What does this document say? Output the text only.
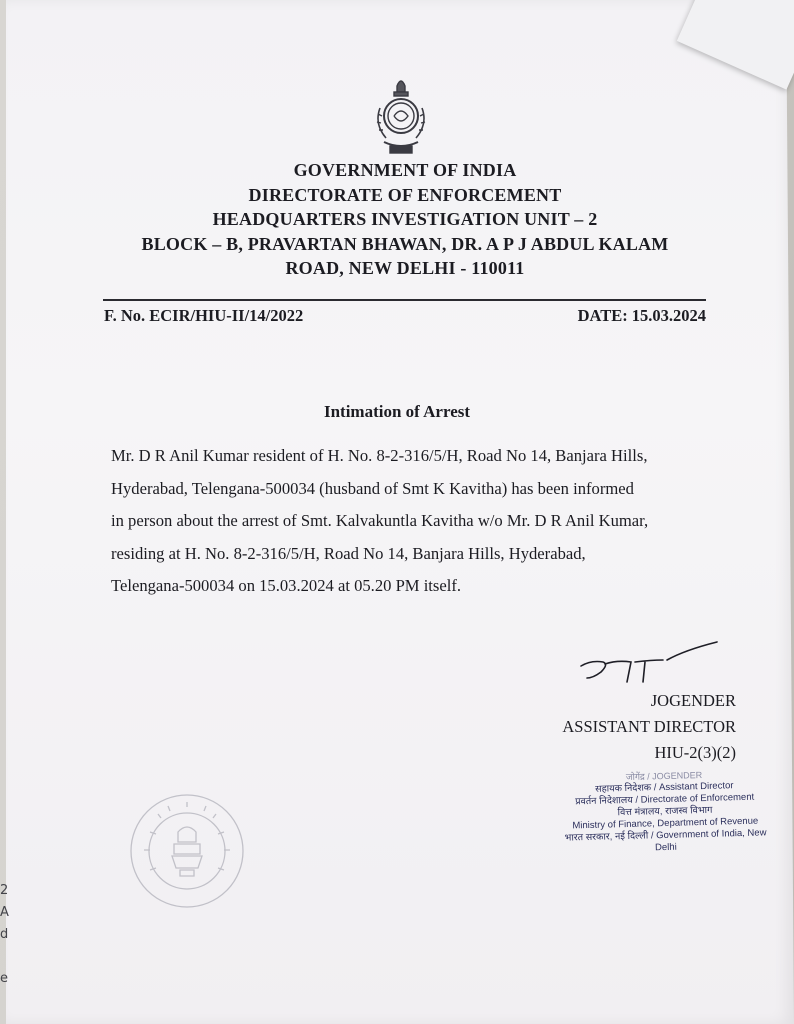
2
A
d

e
GOVERNMENT OF INDIA
DIRECTORATE OF ENFORCEMENT
HEADQUARTERS INVESTIGATION UNIT – 2
BLOCK – B, PRAVARTAN BHAWAN, DR. A P J ABDUL KALAM
ROAD, NEW DELHI - 110011
F. No. ECIR/HIU-II/14/2022	DATE: 15.03.2024
Intimation of Arrest
Mr. D R Anil Kumar resident of H. No. 8-2-316/5/H, Road No 14, Banjara Hills,
Hyderabad, Telengana-500034 (husband of Smt K Kavitha) has been informed
in person about the arrest of Smt. Kalvakuntla Kavitha w/o Mr. D R Anil Kumar,
residing at H. No. 8-2-316/5/H, Road No 14, Banjara Hills, Hyderabad,
Telengana-500034 on 15.03.2024 at 05.20 PM itself.
JOGENDER
ASSISTANT DIRECTOR
HIU-2(3)(2)
जोगेंद्र / JOGENDER
सहायक निदेशक / Assistant Director
प्रवर्तन निदेशालय / Directorate of Enforcement
वित्त मंत्रालय, राजस्व विभाग
Ministry of Finance, Department of Revenue
भारत सरकार, नई दिल्ली / Government of India, New Delhi
